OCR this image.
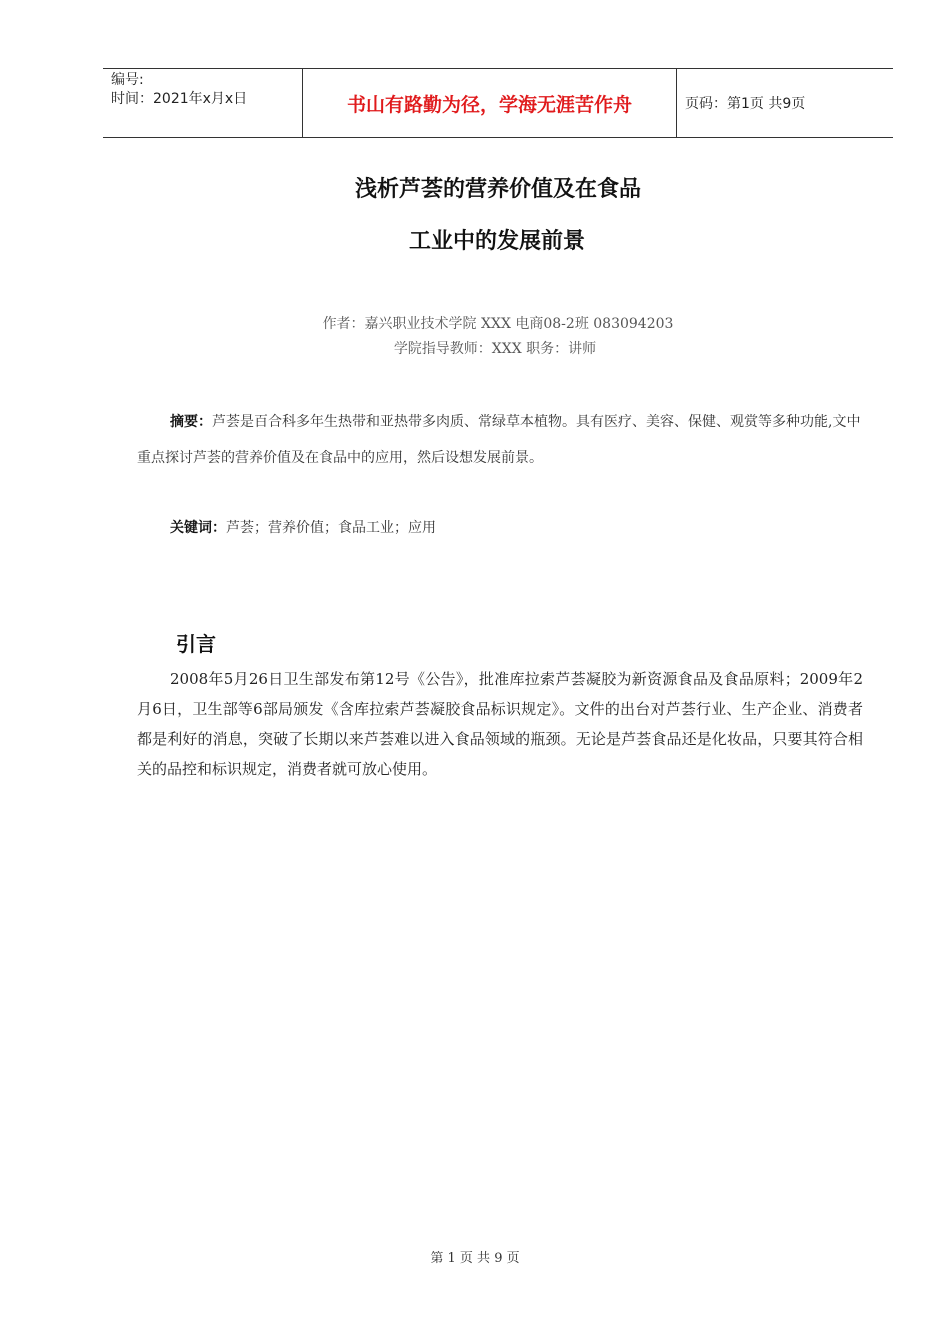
编号:
时间：2021年x月x日	书山有路勤为径，学海无涯苦作舟	页码：第1页 共9页
浅析芦荟的营养价值及在食品
工业中的发展前景
作者：嘉兴职业技术学院 XXX 电商08-2班 083094203
学院指导教师：XXX 职务：讲师
摘要：芦荟是百合科多年生热带和亚热带多肉质、常绿草本植物。具有医疗、美容、保健、观赏等多种功能,文中重点探讨芦荟的营养价值及在食品中的应用，然后设想发展前景。
关键词：芦荟；营养价值；食品工业；应用
引言
2008年5月26日卫生部发布第12号《公告》，批准库拉索芦荟凝胶为新资源食品及食品原料；2009年2月6日，卫生部等6部局颁发《含库拉索芦荟凝胶食品标识规定》。文件的出台对芦荟行业、生产企业、消费者都是利好的消息，突破了长期以来芦荟难以进入食品领域的瓶颈。无论是芦荟食品还是化妆品，只要其符合相关的品控和标识规定，消费者就可放心使用。
第 1 页 共 9 页
